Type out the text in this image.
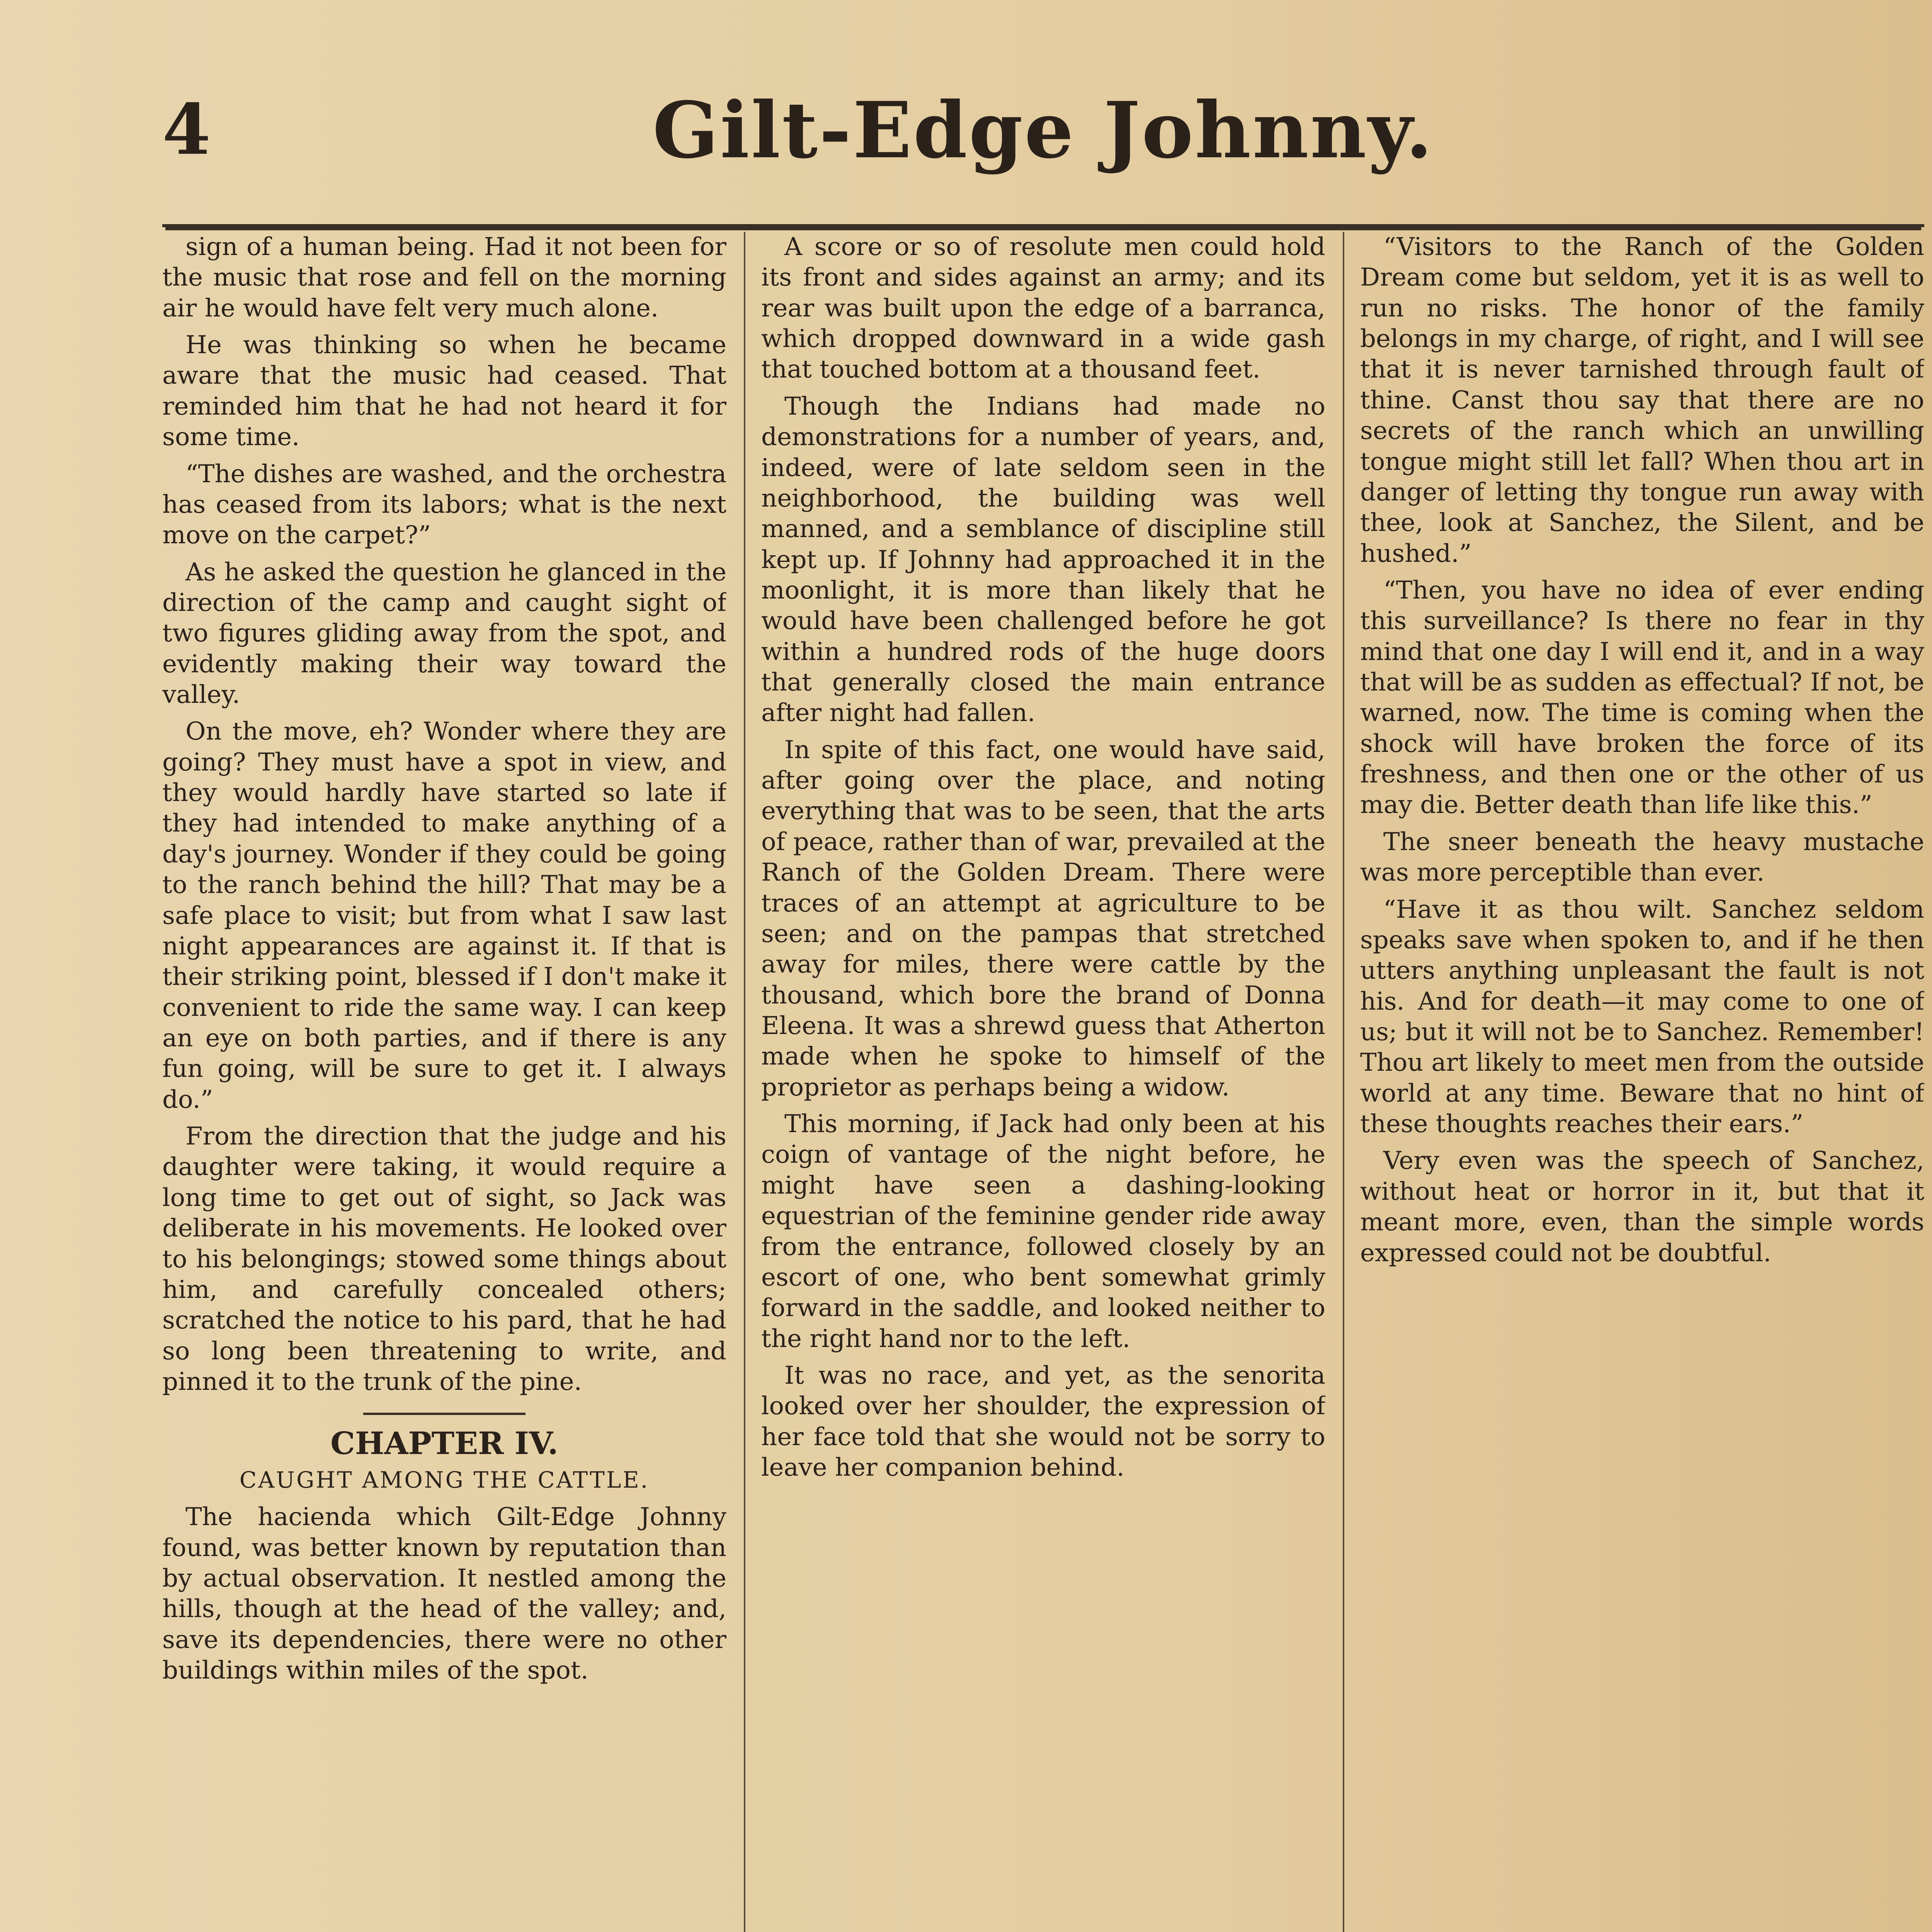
4	Gilt-Edge Johnny.

sign of a human being. Had it not been for the music that rose and fell on the morning air he would have felt very much alone.

He was thinking so when he became aware that the music had ceased. That reminded him that he had not heard it for some time.

“The dishes are washed, and the orchestra has ceased from its labors; what is the next move on the carpet?”

As he asked the question he glanced in the direction of the camp and caught sight of two figures gliding away from the spot, and evidently making their way toward the valley.

On the move, eh? Wonder where they are going? They must have a spot in view, and they would hardly have started so late if they had intended to make anything of a day's journey. Wonder if they could be going to the ranch behind the hill? That may be a safe place to visit; but from what I saw last night appearances are against it. If that is their striking point, blessed if I don't make it convenient to ride the same way. I can keep an eye on both parties, and if there is any fun going, will be sure to get it. I always do.”

From the direction that the judge and his daughter were taking, it would require a long time to get out of sight, so Jack was deliberate in his movements. He looked over to his belongings; stowed some things about him, and carefully concealed others; scratched the notice to his pard, that he had so long been threatening to write, and pinned it to the trunk of the pine.

CHAPTER IV.
CAUGHT AMONG THE CATTLE.

The hacienda which Gilt-Edge Johnny found, was better known by reputation than by actual observation. It nestled among the hills, though at the head of the valley; and, save its dependencies, there were no other buildings within miles of the spot.

A score or so of resolute men could hold its front and sides against an army; and its rear was built upon the edge of a barranca, which dropped downward in a wide gash that touched bottom at a thousand feet.

Though the Indians had made no demonstrations for a number of years, and, indeed, were of late seldom seen in the neighborhood, the building was well manned, and a semblance of discipline still kept up. If Johnny had approached it in the moonlight, it is more than likely that he would have been challenged before he got within a hundred rods of the huge doors that generally closed the main entrance after night had fallen.

In spite of this fact, one would have said, after going over the place, and noting everything that was to be seen, that the arts of peace, rather than of war, prevailed at the Ranch of the Golden Dream. There were traces of an attempt at agriculture to be seen; and on the pampas that stretched away for miles, there were cattle by the thousand, which bore the brand of Donna Eleena. It was a shrewd guess that Atherton made when he spoke to himself of the proprietor as perhaps being a widow.

This morning, if Jack had only been at his coign of vantage of the night before, he might have seen a dashing-looking equestrian of the feminine gender ride away from the entrance, followed closely by an escort of one, who bent somewhat grimly forward in the saddle, and looked neither to the right hand nor to the left.

It was no race, and yet, as the senorita looked over her shoulder, the expression of her face told that she would not be sorry to leave her companion behind.

“Visitors to the Ranch of the Golden Dream come but seldom, yet it is as well to run no risks. The honor of the family belongs in my charge, of right, and I will see that it is never tarnished through fault of thine. Canst thou say that there are no secrets of the ranch which an unwilling tongue might still let fall? When thou art in danger of letting thy tongue run away with thee, look at Sanchez, the Silent, and be hushed.”

“Then, you have no idea of ever ending this surveillance? Is there no fear in thy mind that one day I will end it, and in a way that will be as sudden as effectual? If not, be warned, now. The time is coming when the shock will have broken the force of its freshness, and then one or the other of us may die. Better death than life like this.”

The sneer beneath the heavy mustache was more perceptible than ever.

“Have it as thou wilt. Sanchez seldom speaks save when spoken to, and if he then utters anything unpleasant the fault is not his. And for death—it may come to one of us; but it will not be to Sanchez. Remember! Thou art likely to meet men from the outside world at any time. Beware that no hint of these thoughts reaches their ears.”

Very even was the speech of Sanchez, without heat or horror in it, but that it meant more, even, than the simple words expressed could not be doubtful.
